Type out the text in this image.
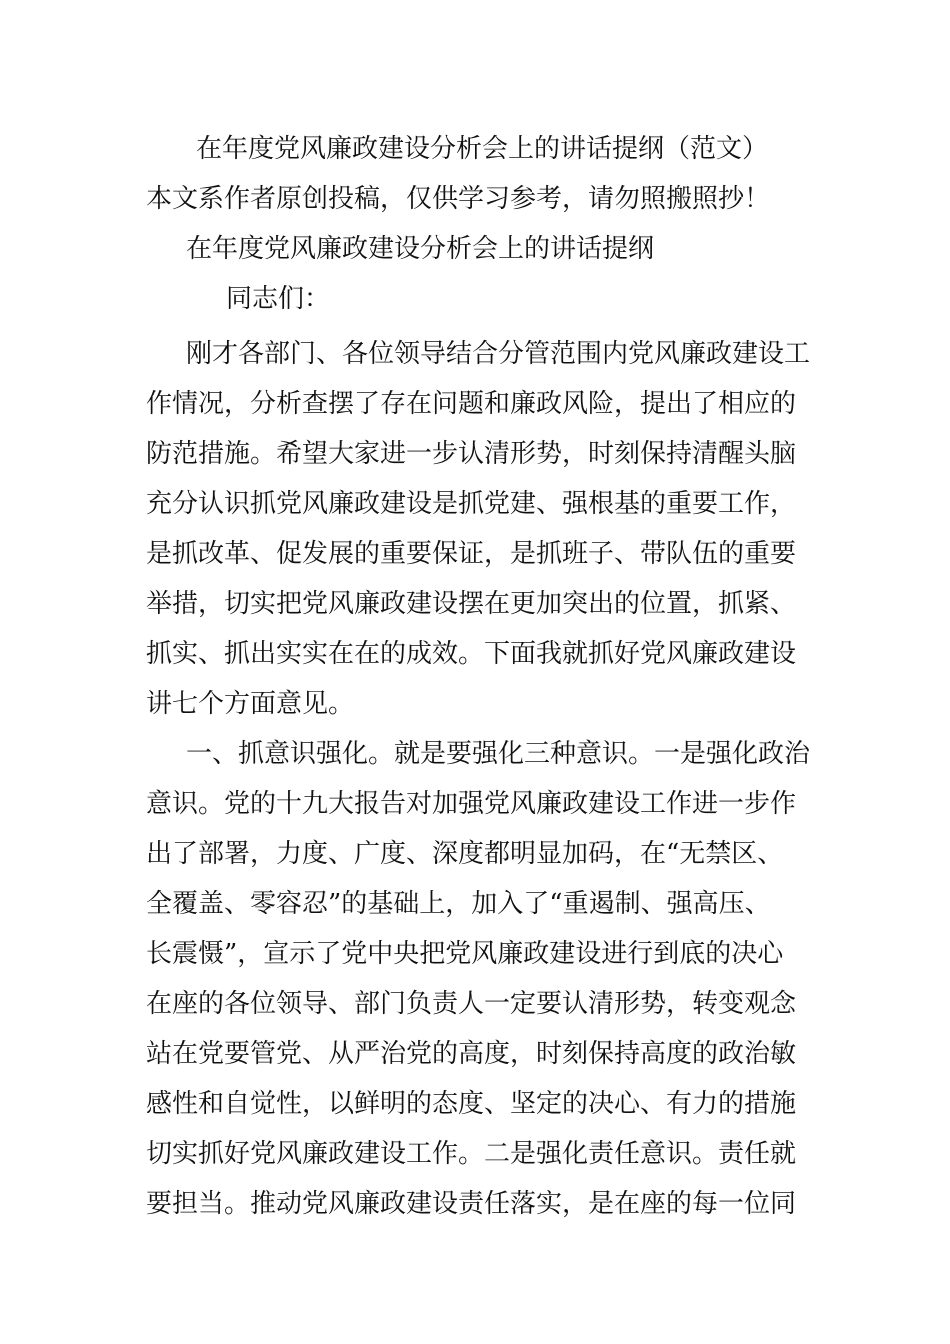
在年度党风廉政建设分析会上的讲话提纲（范文）
本文系作者原创投稿，仅供学习参考，请勿照搬照抄！
在年度党风廉政建设分析会上的讲话提纲
同志们：
刚才各部门、各位领导结合分管范围内党风廉政建设工
作情况，分析查摆了存在问题和廉政风险，提出了相应的
防范措施。希望大家进一步认清形势，时刻保持清醒头脑
充分认识抓党风廉政建设是抓党建、强根基的重要工作，
是抓改革、促发展的重要保证，是抓班子、带队伍的重要
举措，切实把党风廉政建设摆在更加突出的位置，抓紧、
抓实、抓出实实在在的成效。下面我就抓好党风廉政建设
讲七个方面意见。
一、抓意识强化。就是要强化三种意识。一是强化政治
意识。党的十九大报告对加强党风廉政建设工作进一步作
出了部署，力度、广度、深度都明显加码，在“无禁区、
全覆盖、零容忍”的基础上，加入了“重遏制、强高压、
长震慑”，宣示了党中央把党风廉政建设进行到底的决心
在座的各位领导、部门负责人一定要认清形势，转变观念
站在党要管党、从严治党的高度，时刻保持高度的政治敏
感性和自觉性，以鲜明的态度、坚定的决心、有力的措施
切实抓好党风廉政建设工作。二是强化责任意识。责任就
要担当。推动党风廉政建设责任落实，是在座的每一位同
